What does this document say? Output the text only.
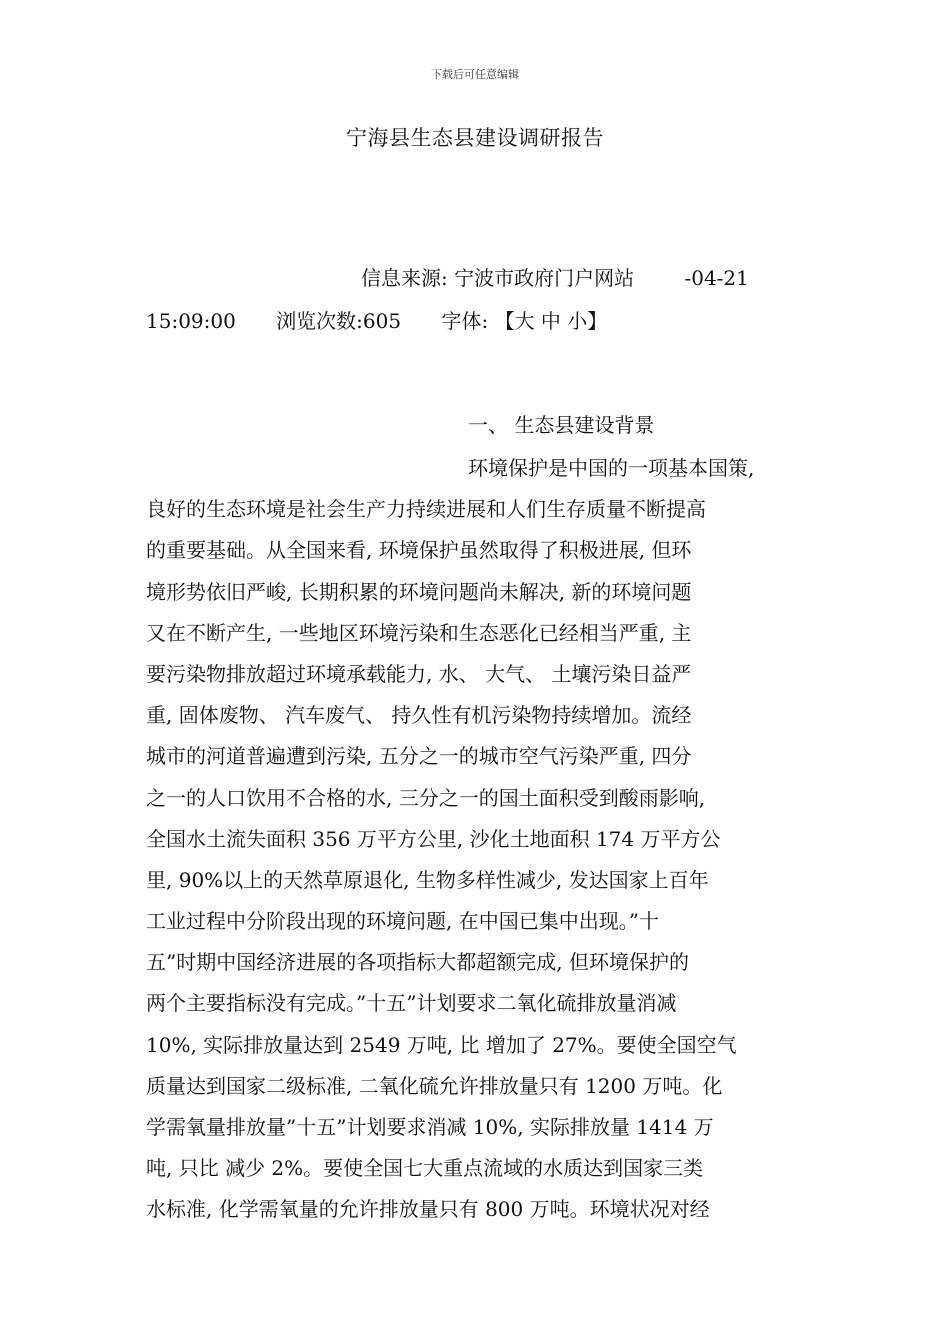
下载后可任意编辑
宁海县生态县建设调研报告
信息来源: 宁波市政府门户网站	-04-21
15:09:00 浏览次数:605 字体: 【大 中 小】
一、 生态县建设背景
环境保护是中国的一项基本国策,
良好的生态环境是社会生产力持续进展和人们生存质量不断提高
的重要基础。从全国来看, 环境保护虽然取得了积极进展, 但环
境形势依旧严峻, 长期积累的环境问题尚未解决, 新的环境问题
又在不断产生, 一些地区环境污染和生态恶化已经相当严重, 主
要污染物排放超过环境承载能力, 水、 大气、 土壤污染日益严
重, 固体废物、 汽车废气、 持久性有机污染物持续增加。流经
城市的河道普遍遭到污染, 五分之一的城市空气污染严重, 四分
之一的人口饮用不合格的水, 三分之一的国土面积受到酸雨影响,
全国水土流失面积 356 万平方公里, 沙化土地面积 174 万平方公
里, 90%以上的天然草原退化, 生物多样性减少, 发达国家上百年
工业过程中分阶段出现的环境问题, 在中国已集中出现。”十
五”时期中国经济进展的各项指标大都超额完成, 但环境保护的
两个主要指标没有完成。”十五”计划要求二氧化硫排放量消减
10%, 实际排放量达到 2549 万吨, 比 增加了 27%。要使全国空气
质量达到国家二级标准, 二氧化硫允许排放量只有 1200 万吨。化
学需氧量排放量”十五”计划要求消减 10%, 实际排放量 1414 万
吨, 只比 减少 2%。要使全国七大重点流域的水质达到国家三类
水标准, 化学需氧量的允许排放量只有 800 万吨。环境状况对经
